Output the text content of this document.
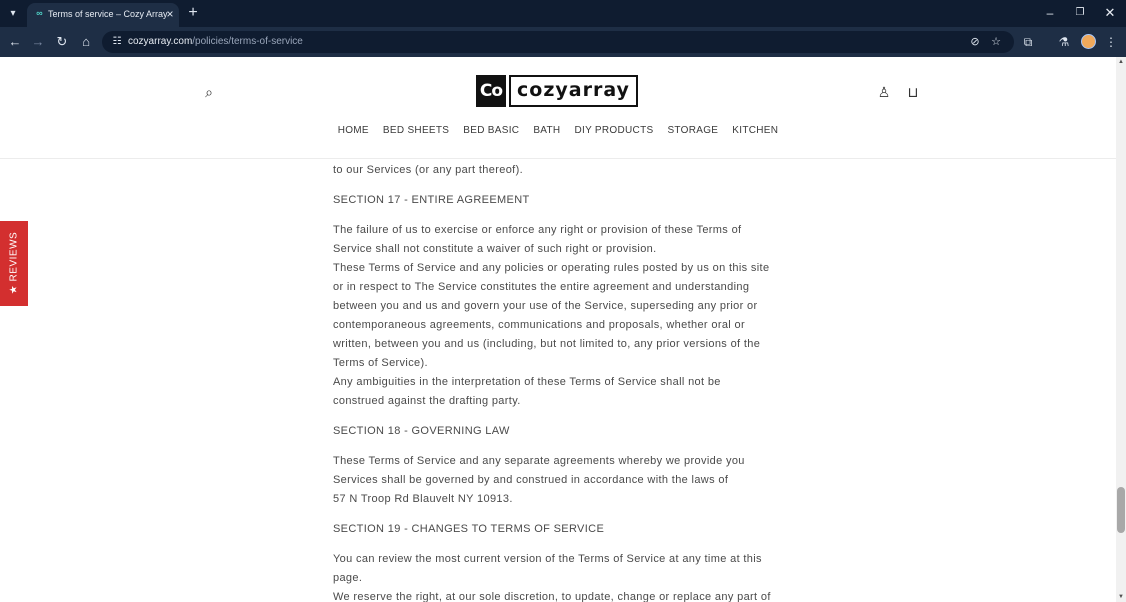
▾	∞ Terms of service – Cozy Array
× +	–	❐ ✕
← → ↻	⌂	☷ cozyarray.com/policies/terms-of-service	⊘ ☆	⧉	⚗	⋮

to our Services (or any part thereof).

SECTION 17 - ENTIRE AGREEMENT

The failure of us to exercise or enforce any right or provision of these Terms of
Service shall not constitute a waiver of such right or provision.

These Terms of Service and any policies or operating rules posted by us on this site
or in respect to The Service constitutes the entire agreement and understanding
between you and us and govern your use of the Service, superseding any prior or
contemporaneous agreements, communications and proposals, whether oral or
written, between you and us (including, but not limited to, any prior versions of the
Terms of Service).

Any ambiguities in the interpretation of these Terms of Service shall not be
construed against the drafting party.

SECTION 18 - GOVERNING LAW

These Terms of Service and any separate agreements whereby we provide you
Services shall be governed by and construed in accordance with the laws of
57 N Troop Rd Blauvelt NY 10913.

SECTION 19 - CHANGES TO TERMS OF SERVICE

You can review the most current version of the Terms of Service at any time at this
page.

We reserve the right, at our sole discretion, to update, change or replace any part of

⌕	Co cozyarray	♙	⊔
HOME BED SHEETS BED BASIC BATH DIY PRODUCTS STORAGE KITCHEN
★ REVIEWS
▲
▼
